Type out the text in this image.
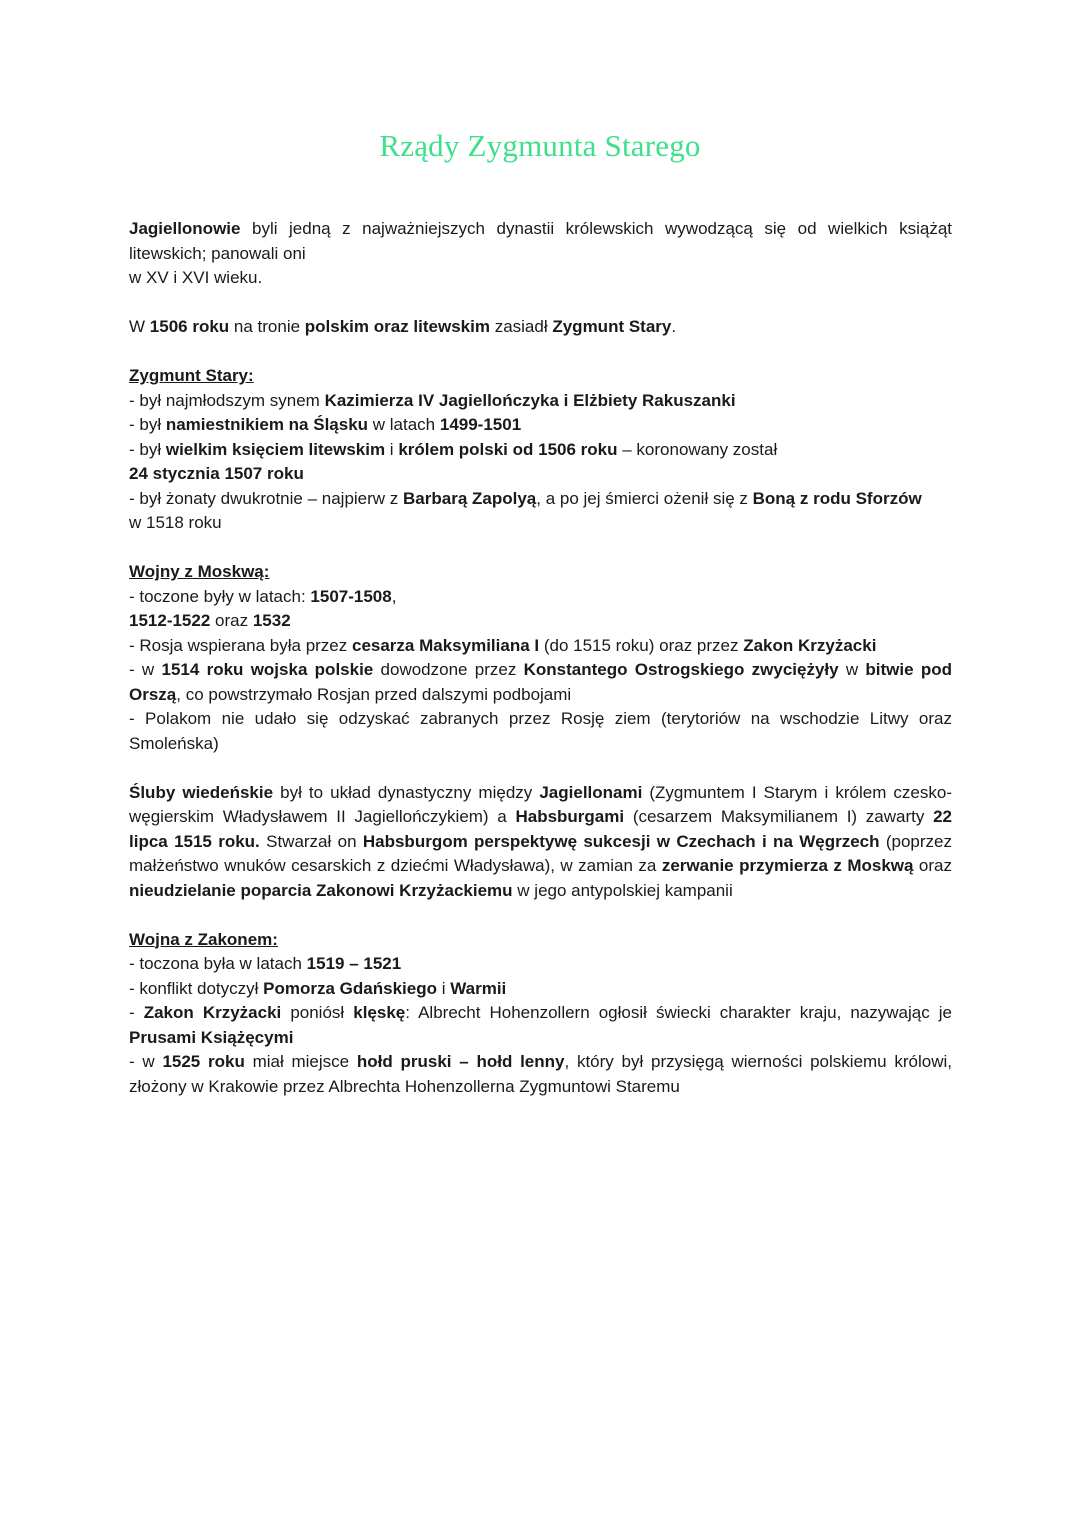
Rządy Zygmunta Starego

Jagiellonowie byli jedną z najważniejszych dynastii królewskich wywodzącą się od wielkich książąt litewskich; panowali oni
w XV i XVI wieku.

W 1506 roku na tronie polskim oraz litewskim zasiadł Zygmunt Stary.

Zygmunt Stary:
- był najmłodszym synem Kazimierza IV Jagiellończyka i Elżbiety Rakuszanki
- był namiestnikiem na Śląsku w latach 1499-1501
- był wielkim księciem litewskim i królem polski od 1506 roku – koronowany został
24 stycznia 1507 roku
- był żonaty dwukrotnie – najpierw z Barbarą Zapolyą, a po jej śmierci ożenił się z Boną z rodu Sforzów
w 1518 roku
Wojny z Moskwą:
- toczone były w latach: 1507-1508,
1512-1522 oraz 1532
- Rosja wspierana była przez cesarza Maksymiliana I (do 1515 roku) oraz przez Zakon Krzyżacki
- w 1514 roku wojska polskie dowodzone przez Konstantego Ostrogskiego zwyciężyły w bitwie pod Orszą, co powstrzymało Rosjan przed dalszymi podbojami
- Polakom nie udało się odzyskać zabranych przez Rosję ziem (terytoriów na wschodzie Litwy oraz Smoleńska)

Śluby wiedeńskie był to układ dynastyczny między Jagiellonami (Zygmuntem I Starym i królem czesko-węgierskim Władysławem II Jagiellończykiem) a Habsburgami (cesarzem Maksymilianem I) zawarty 22 lipca 1515 roku. Stwarzał on Habsburgom perspektywę sukcesji w Czechach i na Węgrzech (poprzez małżeństwo wnuków cesarskich z dziećmi Władysława), w zamian za zerwanie przymierza z Moskwą oraz nieudzielanie poparcia Zakonowi Krzyżackiemu w jego antypolskiej kampanii

Wojna z Zakonem:
- toczona była w latach 1519 – 1521
- konflikt dotyczył Pomorza Gdańskiego i Warmii
- Zakon Krzyżacki poniósł klęskę: Albrecht Hohenzollern ogłosił świecki charakter kraju, nazywając je Prusami Książęcymi
- w 1525 roku miał miejsce hołd pruski – hołd lenny, który był przysięgą wierności polskiemu królowi, złożony w Krakowie przez Albrechta Hohenzollerna Zygmuntowi Staremu
